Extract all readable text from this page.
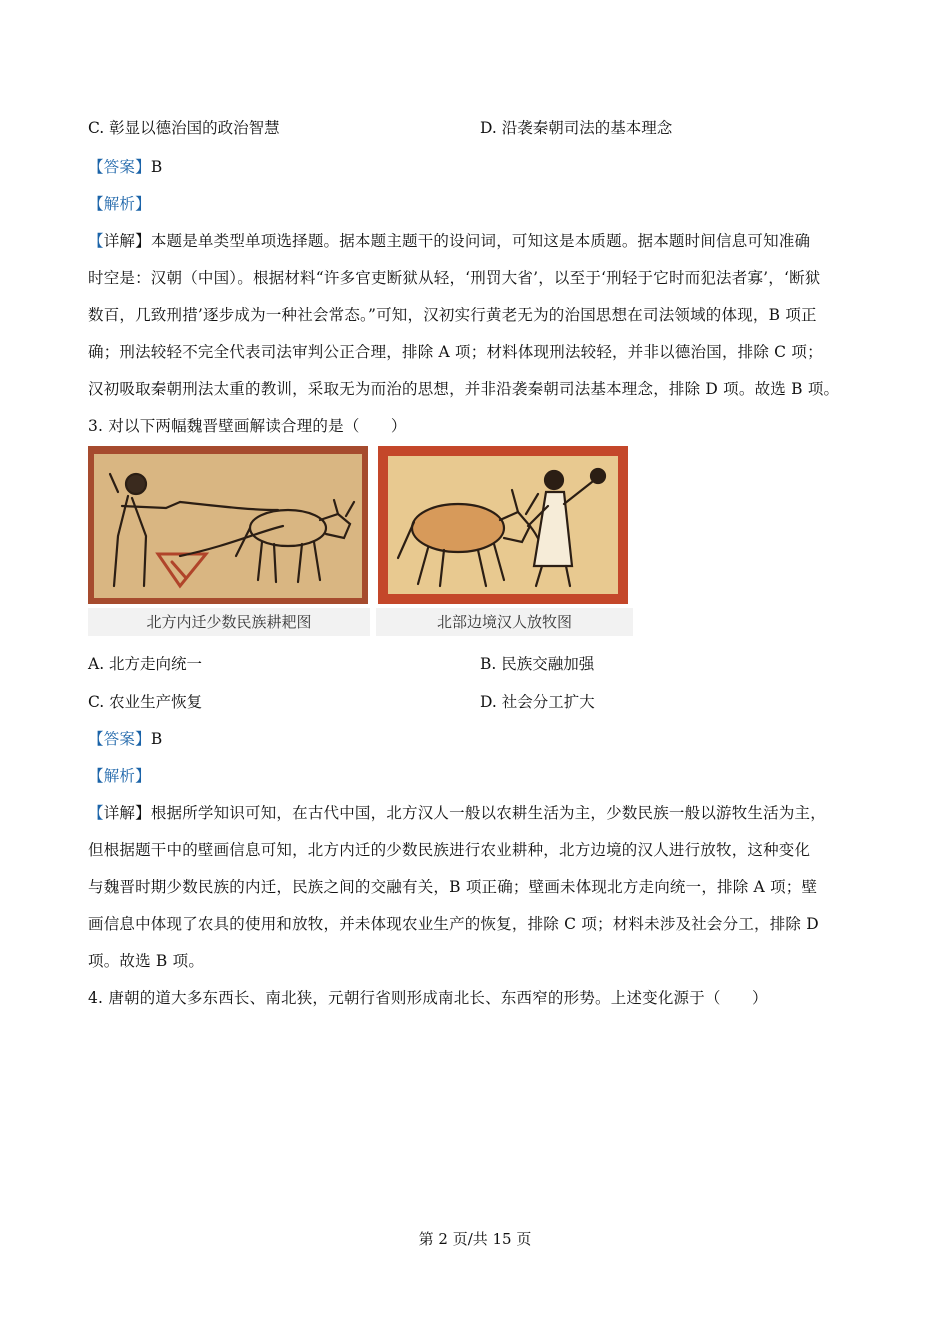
C. 彰显以德治国的政治智慧	D. 沿袭秦朝司法的基本理念
【答案】B
【解析】
【详解】本题是单类型单项选择题。据本题主题干的设问词，可知这是本质题。据本题时间信息可知准确
时空是：汉朝（中国）。根据材料“许多官吏断狱从轻，‘刑罚大省’，以至于‘刑轻于它时而犯法者寡’，‘断狱
数百，几致刑措’逐步成为一种社会常态。”可知，汉初实行黄老无为的治国思想在司法领域的体现，B 项正
确；刑法较轻不完全代表司法审判公正合理，排除 A 项；材料体现刑法较轻，并非以德治国，排除 C 项；
汉初吸取秦朝刑法太重的教训，采取无为而治的思想，并非沿袭秦朝司法基本理念，排除 D 项。故选 B 项。
3. 对以下两幅魏晋壁画解读合理的是（　　）
北方内迁少数民族耕耙图	北部边境汉人放牧图
A. 北方走向统一	B. 民族交融加强
C. 农业生产恢复	D. 社会分工扩大
【答案】B
【解析】
【详解】根据所学知识可知，在古代中国，北方汉人一般以农耕生活为主，少数民族一般以游牧生活为主，
但根据题干中的壁画信息可知，北方内迁的少数民族进行农业耕种，北方边境的汉人进行放牧，这种变化
与魏晋时期少数民族的内迁，民族之间的交融有关，B 项正确；壁画未体现北方走向统一，排除 A 项；壁
画信息中体现了农具的使用和放牧，并未体现农业生产的恢复，排除 C 项；材料未涉及社会分工，排除 D
项。故选 B 项。
4. 唐朝的道大多东西长、南北狭，元朝行省则形成南北长、东西窄的形势。上述变化源于（　　）
第 2 页/共 15 页
